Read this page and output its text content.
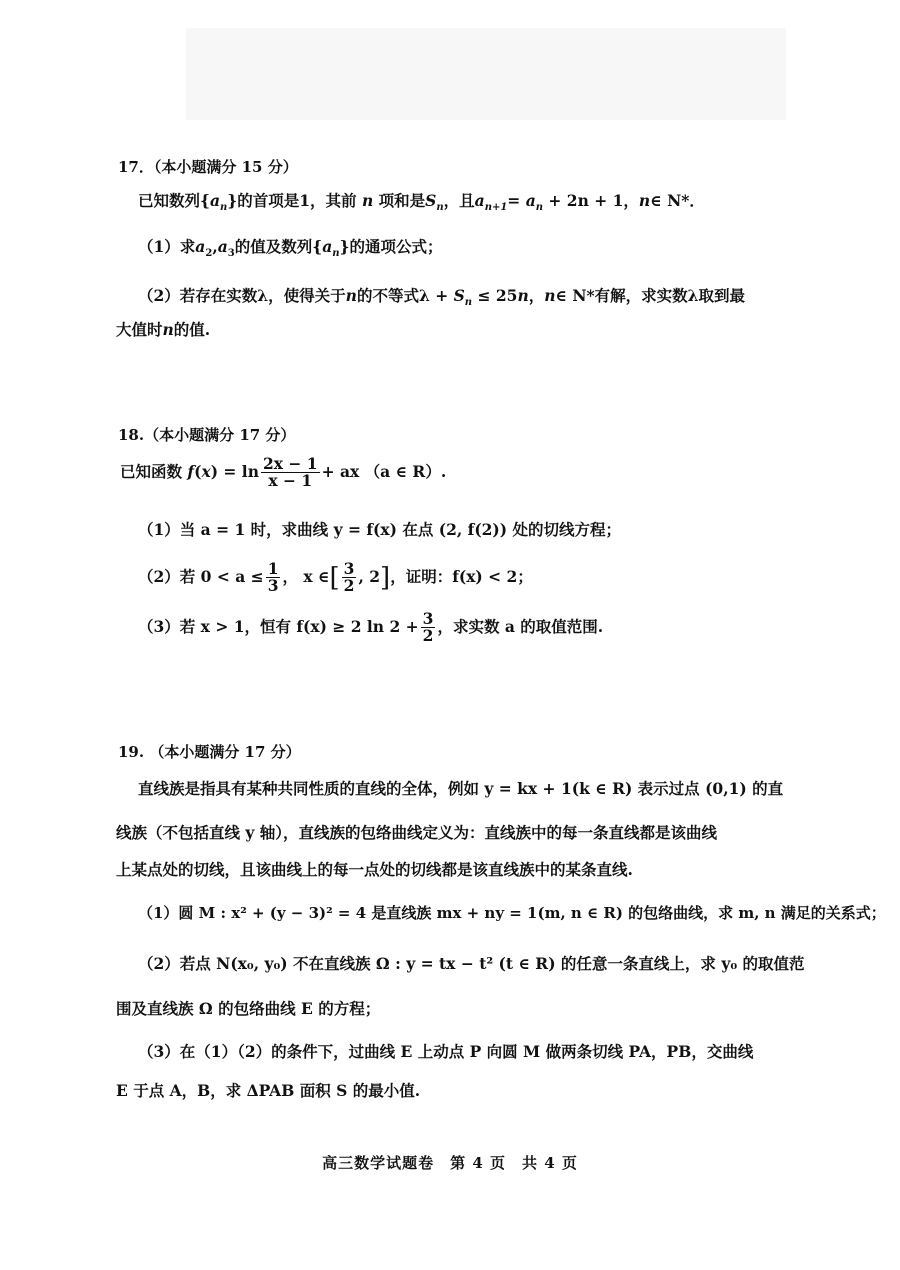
17．（本小题满分 15 分）
已知数列$\{a_n\}$的首项是1，其前 n 项和是$S_n$，且$a_{n+1}= a_n + 2n + 1$，n∈ N*．
（1）求$a_2,a_3$的值及数列$\{a_n\}$的通项公式；
（2）若存在实数λ，使得关于n的不等式$\lambda + S_n \le 25n$，n∈ N*有解，求实数λ取到最
大值时n的值.
18.（本小题满分 17 分）
已知函数 $f(x) = \ln \frac{2x - 1}{x - 1}$ + ax （a ∈ R）.
（1）当 a = 1 时，求曲线 y = f(x) 在点 (2, f(2)) 处的切线方程；
（2）若 $0 < a \le \frac{1}{3}$ ， x ∈[ $\frac{3}{2}$ , 2]，证明：f(x) < 2；
（3）若 x > 1，恒有 f(x) ≥ 2 $\ln 2 + \frac{3}{2}$ ，求实数 a 的取值范围.
19. （本小题满分 17 分）
直线族是指具有某种共同性质的直线的全体，例如 y = kx + 1(k ∈ R) 表示过点 (0,1) 的直
线族（不包括直线 y 轴），直线族的包络曲线定义为：直线族中的每一条直线都是该曲线
上某点处的切线，且该曲线上的每一点处的切线都是该直线族中的某条直线.
（1）圆 M : x² + (y − 3)² = 4 是直线族 mx + ny = 1(m, n ∈ R) 的包络曲线，求 m, n 满足的关系式；
（2）若点 N(x₀, y₀) 不在直线族 Ω : y = tx − t² (t ∈ R) 的任意一条直线上，求 y₀ 的取值范
围及直线族 Ω 的包络曲线 E 的方程；
（3）在（1）（2）的条件下，过曲线 E 上动点 P 向圆 M 做两条切线 PA，PB，交曲线
E 于点 A，B，求 ΔPAB 面积 S 的最小值.
高三数学试题卷　第 4 页　共 4 页
